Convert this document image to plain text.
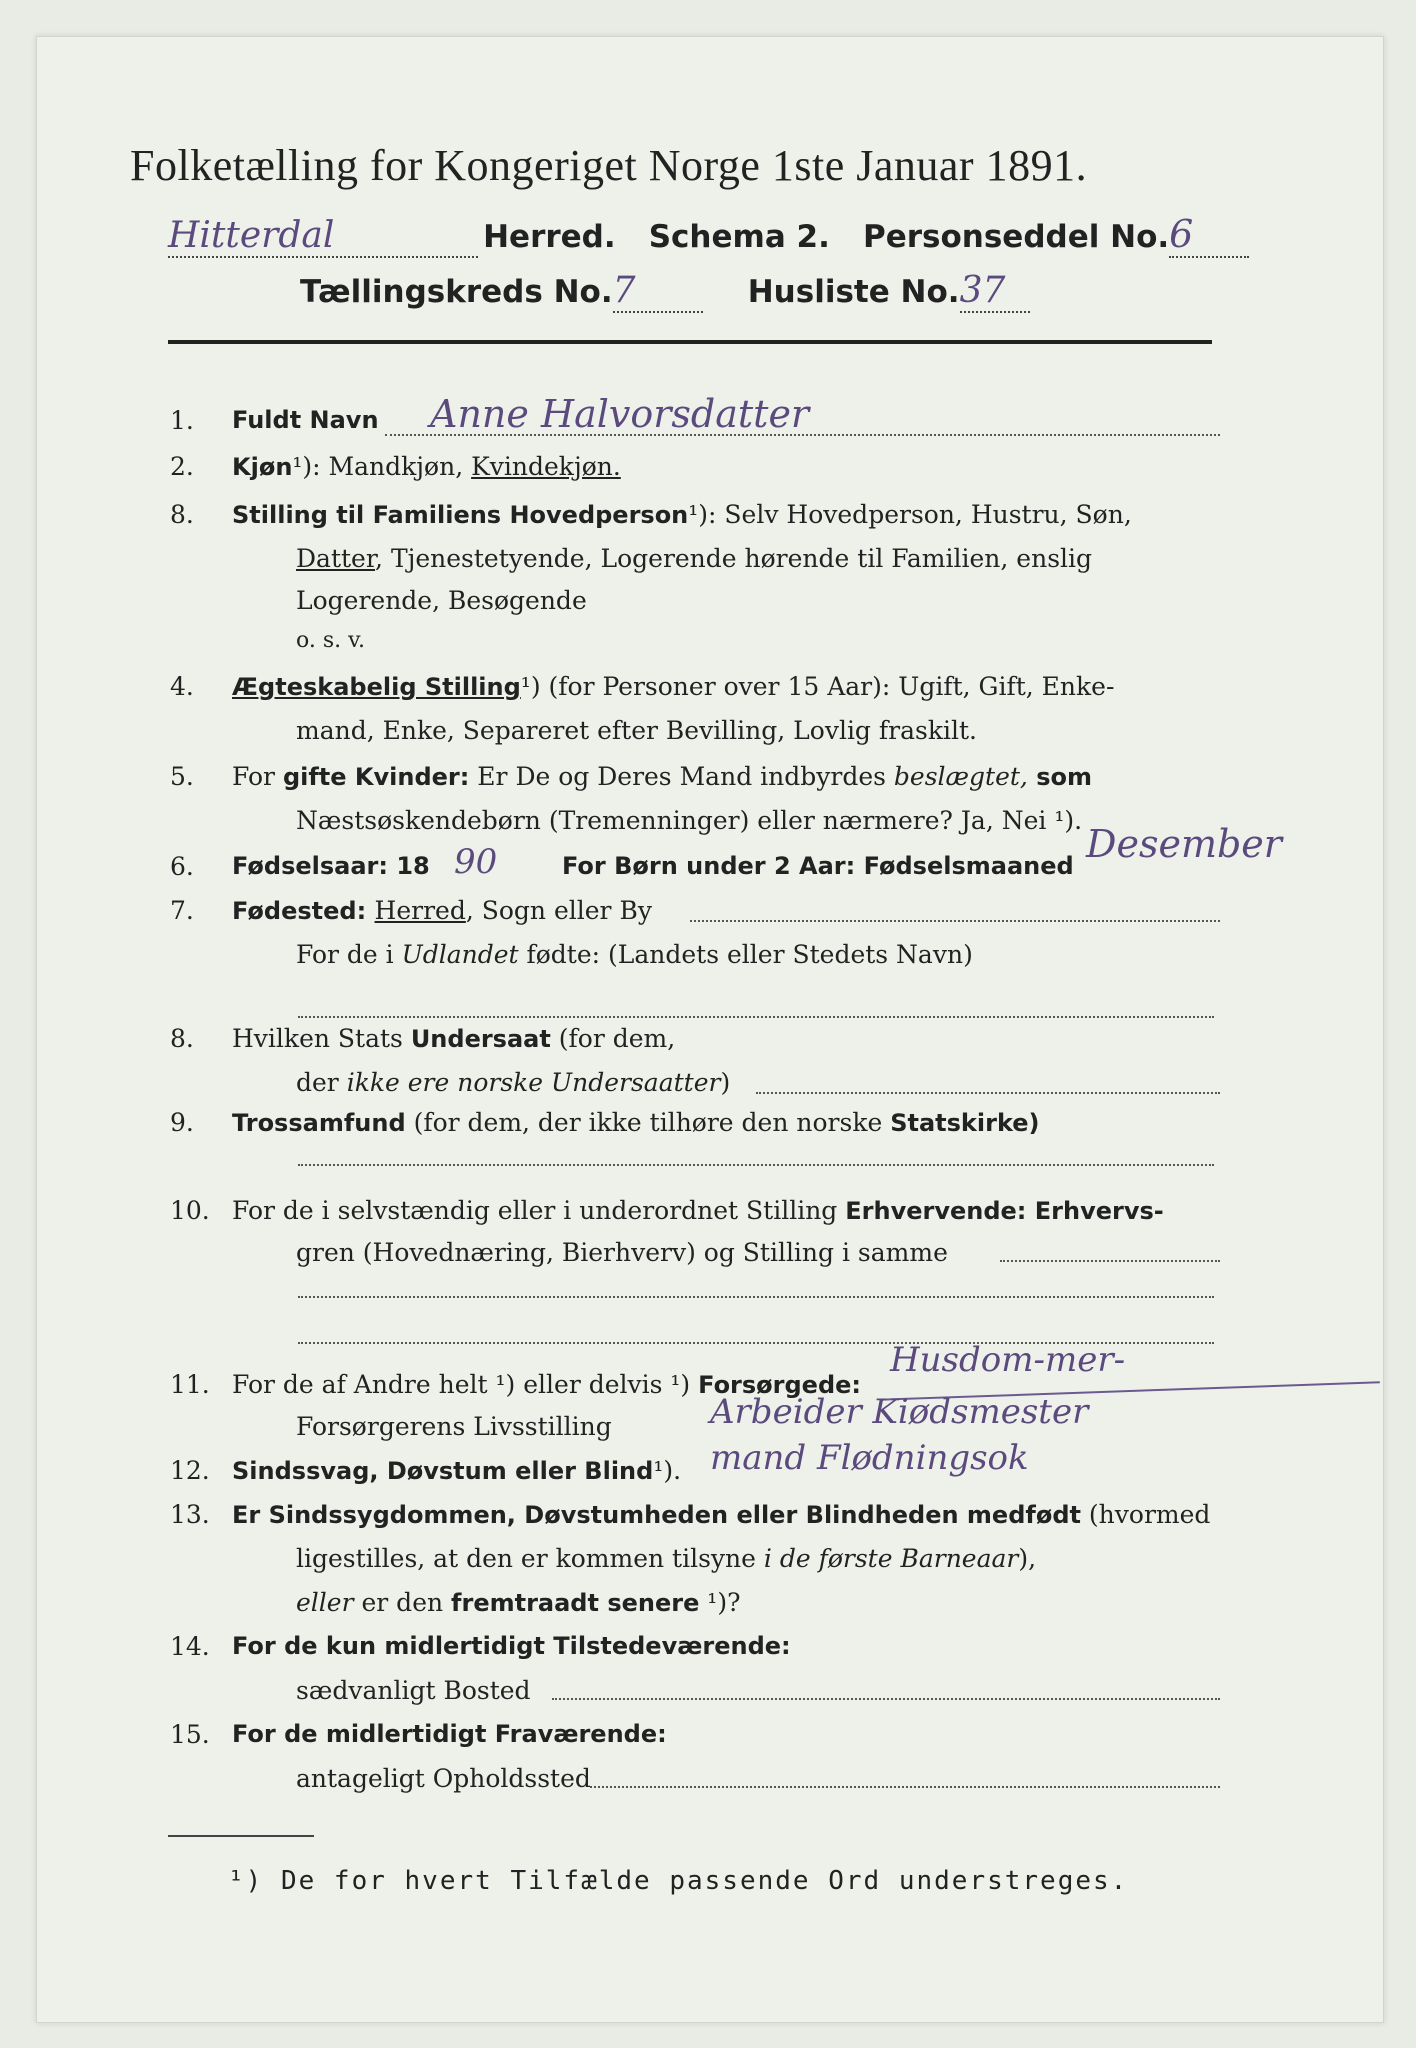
Folketælling for Kongeriget Norge 1ste Januar 1891.
Hitterdal	Herred. Schema 2. Personseddel No.6
Tællingskreds No.7	Husliste No.37
1.	Fuldt Navn Anne Halvorsdatter
2.	Kjøn¹): Mandkjøn, Kvindekjøn.
8.	Stilling til Familiens Hovedperson¹): Selv Hovedperson, Hustru, Søn,
Datter, Tjenestetyende, Logerende hørende til Familien, enslig
Logerende, Besøgende
o. s. v.
4.	Ægteskabelig Stilling¹) (for Personer over 15 Aar): Ugift, Gift, Enke-
mand, Enke, Separeret efter Bevilling, Lovlig fraskilt.
5.	For gifte Kvinder: Er De og Deres Mand indbyrdes beslægtet, som
Næstsøskendebørn (Tremenninger) eller nærmere? Ja, Nei ¹).
6.	Fødselsaar: 18 90	For Børn under 2 Aar: Fødselsmaaned Desember
7.	Fødested: Herred, Sogn eller By
For de i Udlandet fødte: (Landets eller Stedets Navn)
8.	Hvilken Stats Undersaat (for dem,
der ikke ere norske Undersaatter)
9.	Trossamfund (for dem, der ikke tilhøre den norske Statskirke)
10. For de i selvstændig eller i underordnet Stilling Erhvervende: Erhvervs-
gren (Hovednæring, Bierhverv) og Stilling i samme
11. For de af Andre helt ¹) eller delvis ¹) Forsørgede:
Husdom-mer-
Forsørgerens Livsstilling	Arbeider Kiødsmester
12. Sindssvag, Døvstum eller Blind¹). mand Flødningsok
13. Er Sindssygdommen, Døvstumheden eller Blindheden medfødt (hvormed
ligestilles, at den er kommen tilsyne i de første Barneaar),
eller er den fremtraadt senere ¹)?
14. For de kun midlertidigt Tilstedeværende:
sædvanligt Bosted
15. For de midlertidigt Fraværende:
antageligt Opholdssted
¹) De for hvert Tilfælde passende Ord understreges.
